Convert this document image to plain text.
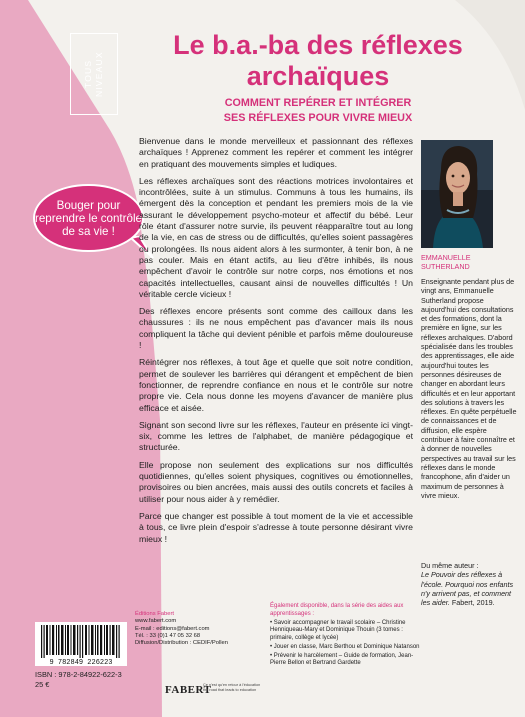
TOUS
NIVEAUX
Le b.a.-ba des réflexes archaïques
COMMENT REPÉRER ET INTÉGRER
SES RÉFLEXES POUR VIVRE MIEUX
Bouger pour reprendre le contrôle de sa vie !

Bienvenue dans le monde merveilleux et passionnant des réflexes archaïques ! Apprenez comment les repérer et comment les intégrer en pratiquant des mouvements simples et ludiques.

Les réflexes archaïques sont des réactions motrices involontaires et incontrôlées, suite à un stimulus. Communs à tous les humains, ils émergent dès la conception et pendant les premiers mois de la vie assurant le développement psycho-moteur et affectif du bébé. Leur rôle étant d'assurer notre survie, ils peuvent réapparaître tout au long de la vie, en cas de stress ou de difficultés, qu'elles soient passagères ou prolongées. Ils nous aident alors à les surmonter, à tenir bon, à ne pas couler. Mais en étant actifs, au lieu d'être inhibés, ils nous empêchent d'avoir le contrôle sur notre corps, nos émotions et nos capacités intellectuelles, causant ainsi de nouvelles difficultés ! Un véritable cercle vicieux !

Des réflexes encore présents sont comme des cailloux dans les chaussures : ils ne nous empêchent pas d'avancer mais ils nous compliquent la tâche qui devient pénible et parfois même douloureuse !

Réintégrer nos réflexes, à tout âge et quelle que soit notre condition, permet de soulever les barrières qui dérangent et empêchent de bien fonctionner, de reprendre confiance en nous et le contrôle sur notre propre vie. Cela nous donne les moyens d'avancer de manière plus efficace et aisée.

Signant son second livre sur les réflexes, l'auteur en présente ici vingt-six, comme les lettres de l'alphabet, de manière pédagogique et structurée.

Elle propose non seulement des explications sur nos difficultés quotidiennes, qu'elles soient physiques, cognitives ou émotionnelles, provisoires ou bien ancrées, mais aussi des outils concrets et faciles à utiliser pour nous aider à y remédier.

Parce que changer est possible à tout moment de la vie et accessible à tous, ce livre plein d'espoir s'adresse à toute personne désirant vivre mieux !

EMMANUELLE SUTHERLAND
Enseignante pendant plus de vingt ans, Emmanuelle Sutherland propose aujourd'hui des consultations et des formations, dont la première en ligne, sur les réflexes archaïques. D'abord spécialisée dans les troubles des apprentissages, elle aide aujourd'hui toutes les personnes désireuses de changer en abordant leurs difficultés et en leur apportant des solutions à travers les réflexes. En quête perpétuelle de connaissances et de diffusion, elle espère contribuer à faire connaître et à donner de nouvelles perspectives au travail sur les réflexes dans le monde francophone, afin d'aider un maximum de personnes à vivre mieux.
Du même auteur :
Le Pouvoir des réflexes à l'école. Pourquoi nos enfants n'y arrivent pas, et comment les aider. Fabert, 2019.
9 782849 226223
ISBN : 978-2-84922-622-3
25 €
Éditions Fabert
www.fabert.com
E-mail : editions@fabert.com
Tél. : 33 (0)1 47 05 32 68
Diffusion/Distribution : CEDIF/Pollen
FABERT
Ce n'est qu'en retour à l'éducation the road that leads to education
Également disponible, dans la série des aides aux apprentissages :

• Savoir accompagner le travail scolaire – Christine Henniqueau-Mary et Dominique Thouin (3 tomes : primaire, collège et lycée)

• Jouer en classe, Marc Berthou et Dominique Natanson

• Prévenir le harcèlement – Guide de formation, Jean-Pierre Bellon et Bertrand Gardette
